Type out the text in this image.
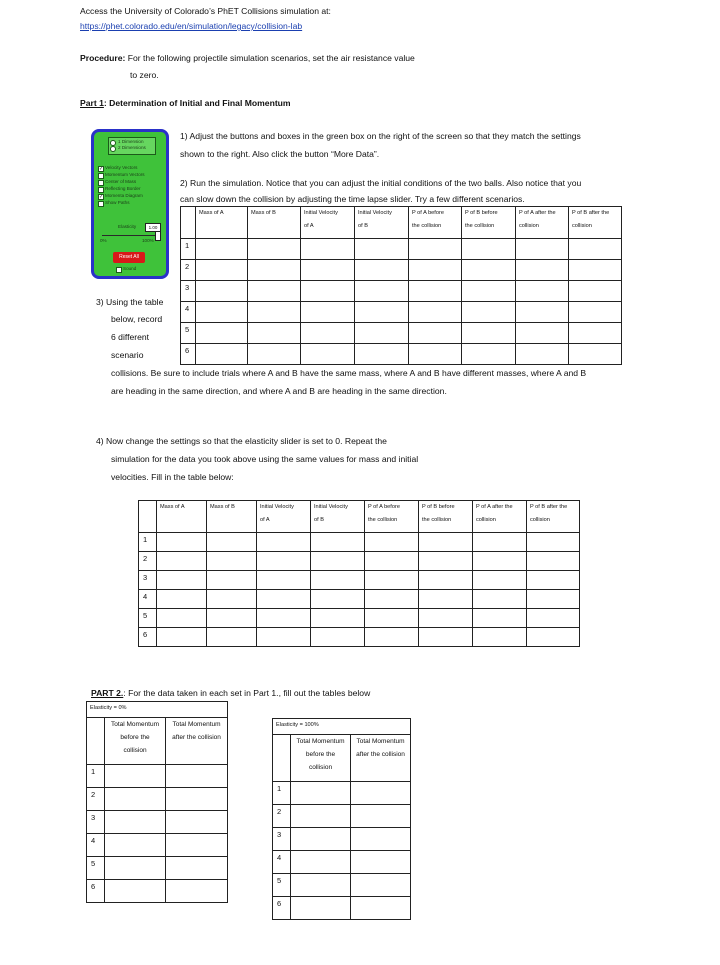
Access the University of Colorado’s PhET Collisions simulation at:
https://phet.colorado.edu/en/simulation/legacy/collision-lab
Procedure: For the following projectile simulation scenarios, set the air resistance value
to zero.
Part 1: Determination of Initial and Final Momentum
1 Dimension
2 Dimensions
✓ Velocity Vectors
Momentum Vectors
Center of Mass
Reflecting Border
✓ Momenta Diagram
Show Paths
Elasticity	1.00
0%	100%
Reset All
Sound
1) Adjust the buttons and boxes in the green box on the right of the screen so that they match the settings
shown to the right. Also click the button “More Data”.
2) Run the simulation. Notice that you can adjust the initial conditions of the two balls. Also notice that you
can slow down the collision by adjusting the time lapse slider. Try a few different scenarios.
	Mass of A	Mass of B	Initial Velocity
of A	Initial Velocity
of B	P of A before
the collision	P of B before
the collision	P of A after the
collision	P of B after the
collision
1								
2								
3								
4								
5								
6								
3) Using the table
below, record
6 different
scenario
collisions. Be sure to include trials where A and B have the same mass, where A and B have different masses, where A and B
are heading in the same direction, and where A and B are heading in the same direction.
4) Now change the settings so that the elasticity slider is set to 0. Repeat the
simulation for the data you took above using the same values for mass and initial
velocities. Fill in the table below:
	Mass of A	Mass of B	Initial Velocity
of A	Initial Velocity
of B	P of A before
the collision	P of B before
the collision	P of A after the
collision	P of B after the
collision
1								
2								
3								
4								
5								
6								
PART 2.: For the data taken in each set in Part 1., fill out the tables below
Elasticity = 0%		
	Total Momentum
before the collision	Total Momentum
after the collision
1		
2		
3		
4		
5		
6		
Elasticity = 100%		
	Total Momentum
before the
collision	Total Momentum
after the collision
1		
2		
3		
4		
5		
6		
